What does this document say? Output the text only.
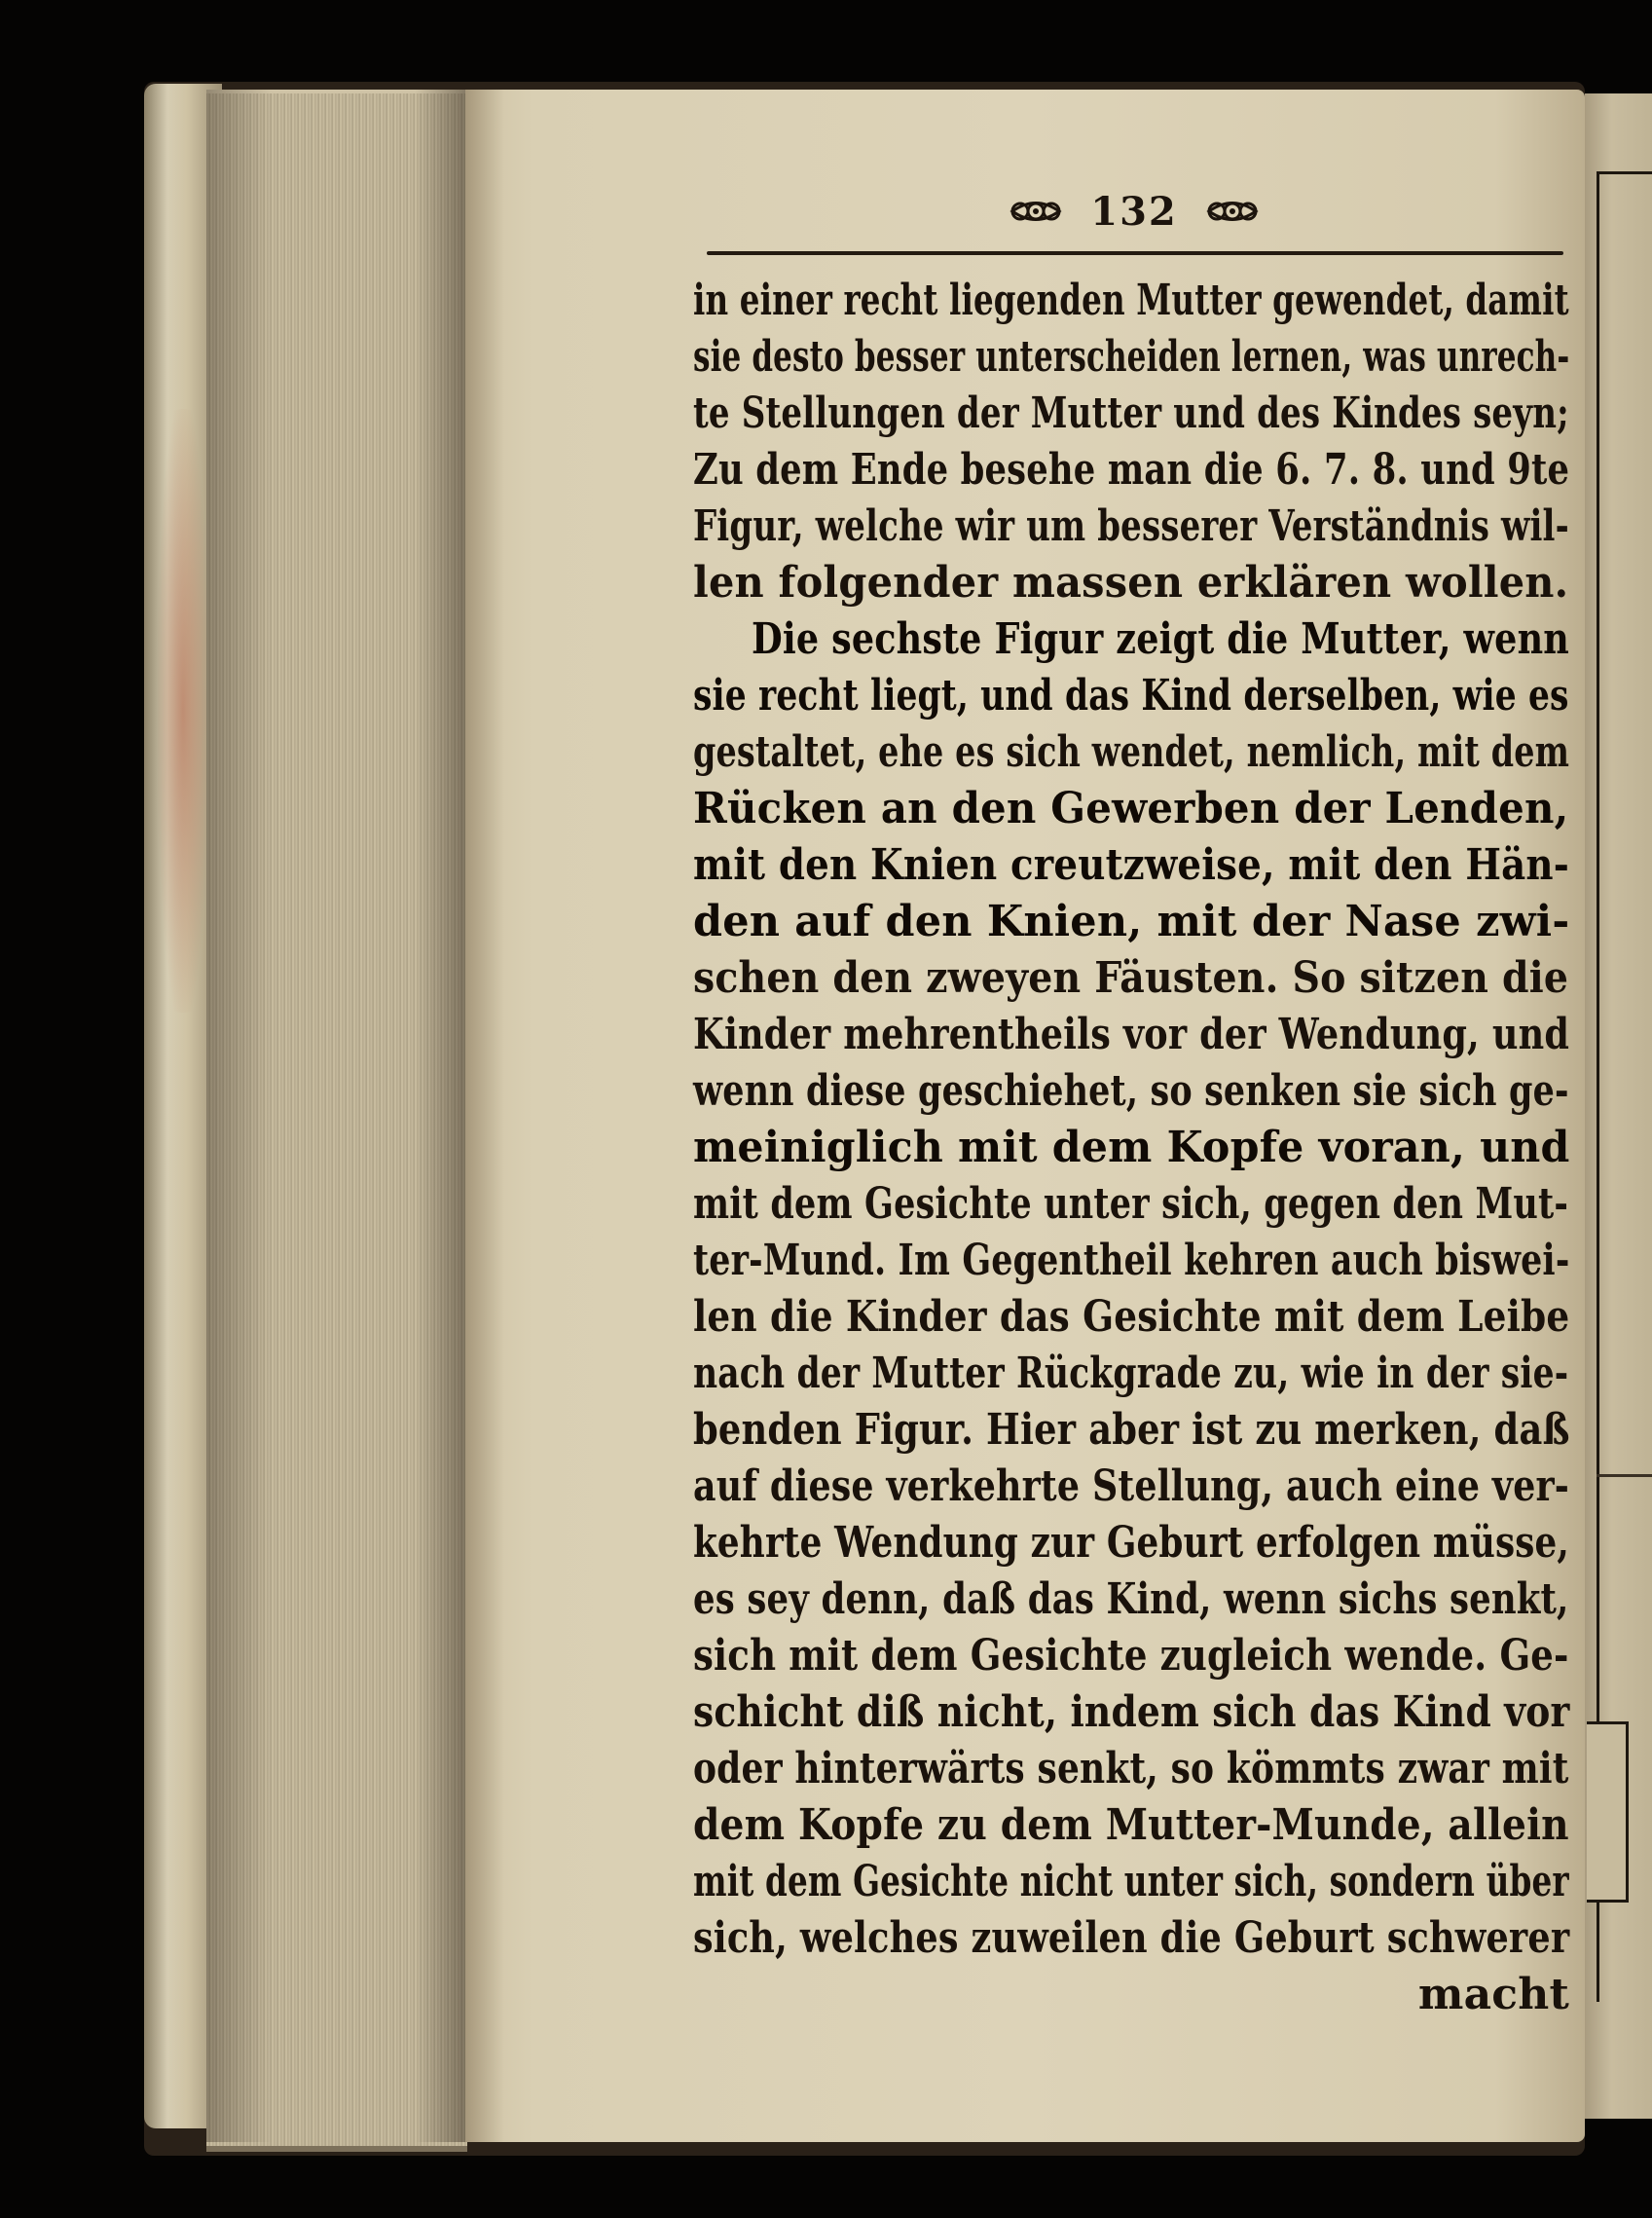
132
in einer recht liegenden Mutter gewendet, damit
sie desto besser unterscheiden lernen, was unrech-
te Stellungen der Mutter und des Kindes seyn;
Zu dem Ende besehe man die 6. 7. 8. und 9te
Figur, welche wir um besserer Verständnis wil-
len folgender massen erklären wollen.
Die sechste Figur zeigt die Mutter, wenn
sie recht liegt, und das Kind derselben, wie es
gestaltet, ehe es sich wendet, nemlich, mit dem
Rücken an den Gewerben der Lenden,
mit den Knien creutzweise, mit den Hän-
den auf den Knien, mit der Nase zwi-
schen den zweyen Fäusten. So sitzen die
Kinder mehrentheils vor der Wendung, und
wenn diese geschiehet, so senken sie sich ge-
meiniglich mit dem Kopfe voran, und
mit dem Gesichte unter sich, gegen den Mut-
ter-Mund. Im Gegentheil kehren auch biswei-
len die Kinder das Gesichte mit dem Leibe
nach der Mutter Rückgrade zu, wie in der sie-
benden Figur. Hier aber ist zu merken, daß
auf diese verkehrte Stellung, auch eine ver-
kehrte Wendung zur Geburt erfolgen müsse,
es sey denn, daß das Kind, wenn sichs senkt,
sich mit dem Gesichte zugleich wende. Ge-
schicht diß nicht, indem sich das Kind vor
oder hinterwärts senkt, so kömmts zwar mit
dem Kopfe zu dem Mutter-Munde, allein
mit dem Gesichte nicht unter sich, sondern über
sich, welches zuweilen die Geburt schwerer
macht
